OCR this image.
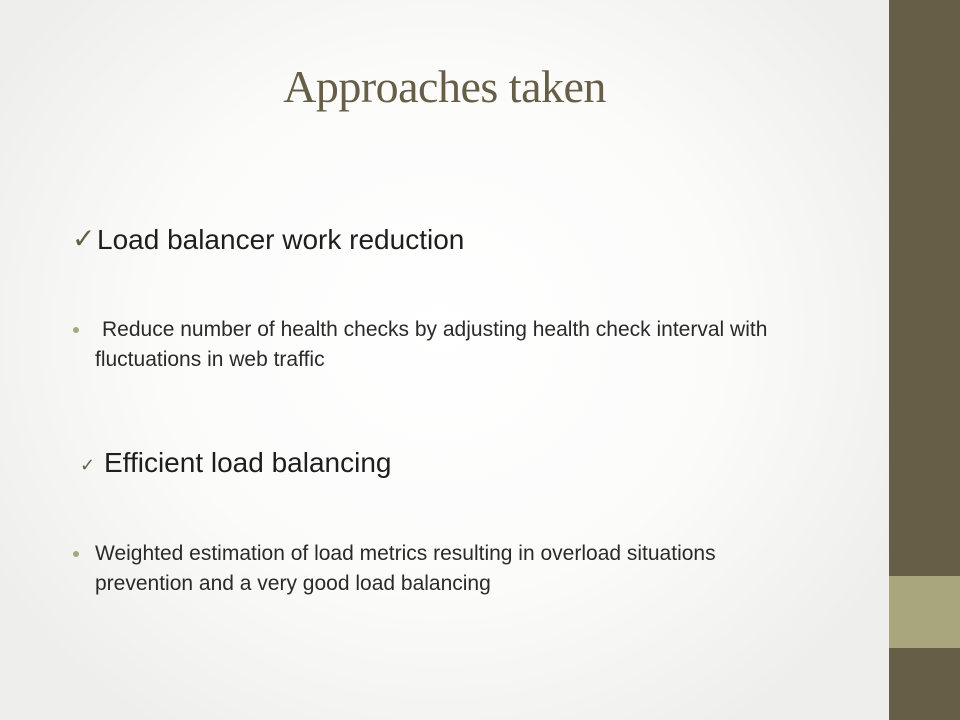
Approaches taken
✓ Load balancer work reduction
Reduce number of health checks by adjusting health check interval with fluctuations in web traffic
✓ Efficient load balancing
Weighted estimation of load metrics resulting in overload situations prevention and a very good load balancing
